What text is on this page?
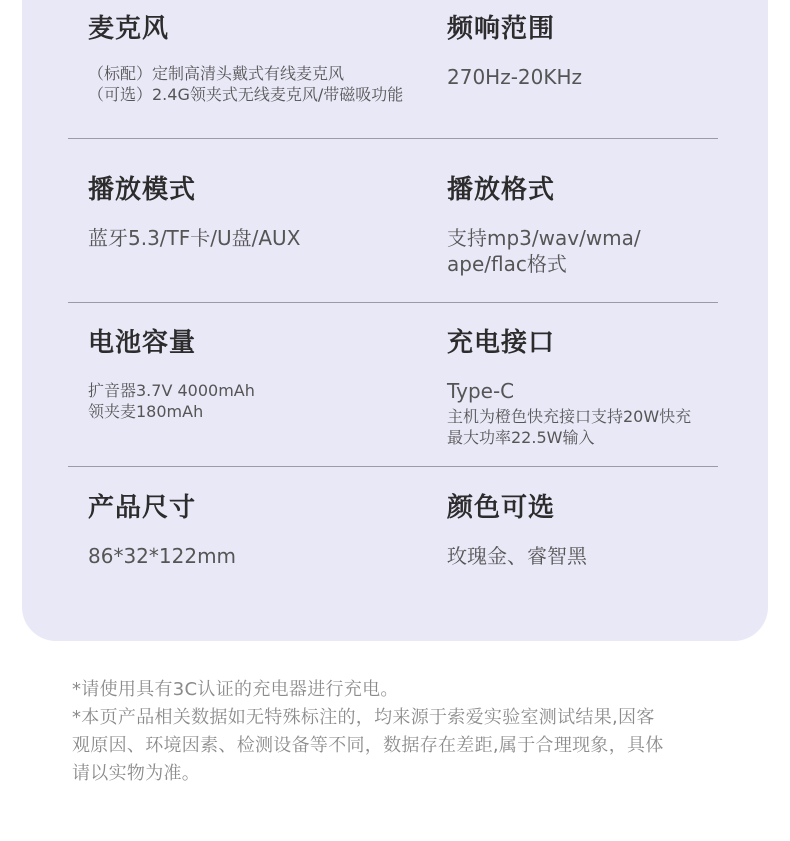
麦克风
（标配）定制高清头戴式有线麦克风
（可选）2.4G领夹式无线麦克风/带磁吸功能
频响范围
270Hz-20KHz
播放模式
蓝牙5.3/TF卡/U盘/AUX
播放格式
支持mp3/wav/wma/
ape/flac格式
电池容量
扩音器3.7V 4000mAh
领夹麦180mAh
充电接口
Type-C
主机为橙色快充接口支持20W快充
最大功率22.5W输入
产品尺寸
86*32*122mm
颜色可选
玫瑰金、睿智黑
*请使用具有3C认证的充电器进行充电。
*本页产品相关数据如无特殊标注的，均来源于索爱实验室测试结果,因客
观原因、环境因素、检测设备等不同，数据存在差距,属于合理现象，具体
请以实物为准。
